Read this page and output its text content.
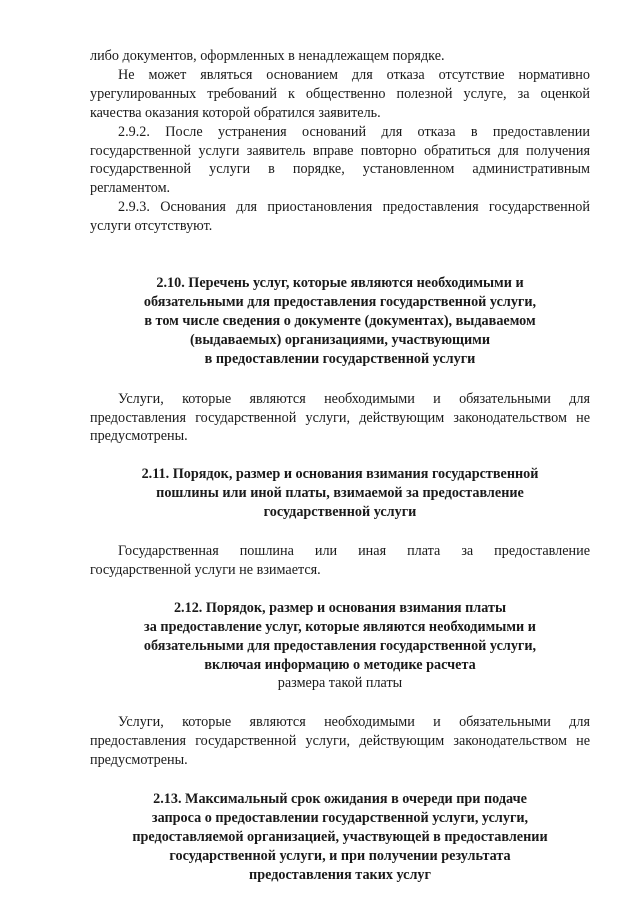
либо документов, оформленных в ненадлежащем порядке.

Не может являться основанием для отказа отсутствие нормативно урегулированных требований к общественно полезной услуге, за оценкой качества оказания которой обратился заявитель.

2.9.2. После устранения оснований для отказа в предоставлении государственной услуги заявитель вправе повторно обратиться для получения государственной услуги в порядке, установленном административным регламентом.

2.9.3. Основания для приостановления предоставления государственной услуги отсутствуют.

2.10. Перечень услуг, которые являются необходимыми и
обязательными для предоставления государственной услуги,
в том числе сведения о документе (документах), выдаваемом
(выдаваемых) организациями, участвующими
в предоставлении государственной услуги

Услуги, которые являются необходимыми и обязательными для предоставления государственной услуги, действующим законодательством не предусмотрены.

2.11. Порядок, размер и основания взимания государственной
пошлины или иной платы, взимаемой за предоставление
государственной услуги

Государственная пошлина или иная плата за предоставление

государственной услуги не взимается.

2.12. Порядок, размер и основания взимания платы
за предоставление услуг, которые являются необходимыми и
обязательными для предоставления государственной услуги,
включая информацию о методике расчета
размера такой платы

Услуги, которые являются необходимыми и обязательными для предоставления государственной услуги, действующим законодательством не предусмотрены.

2.13. Максимальный срок ожидания в очереди при подаче
запроса о предоставлении государственной услуги, услуги,
предоставляемой организацией, участвующей в предоставлении
государственной услуги, и при получении результата
предоставления таких услуг
